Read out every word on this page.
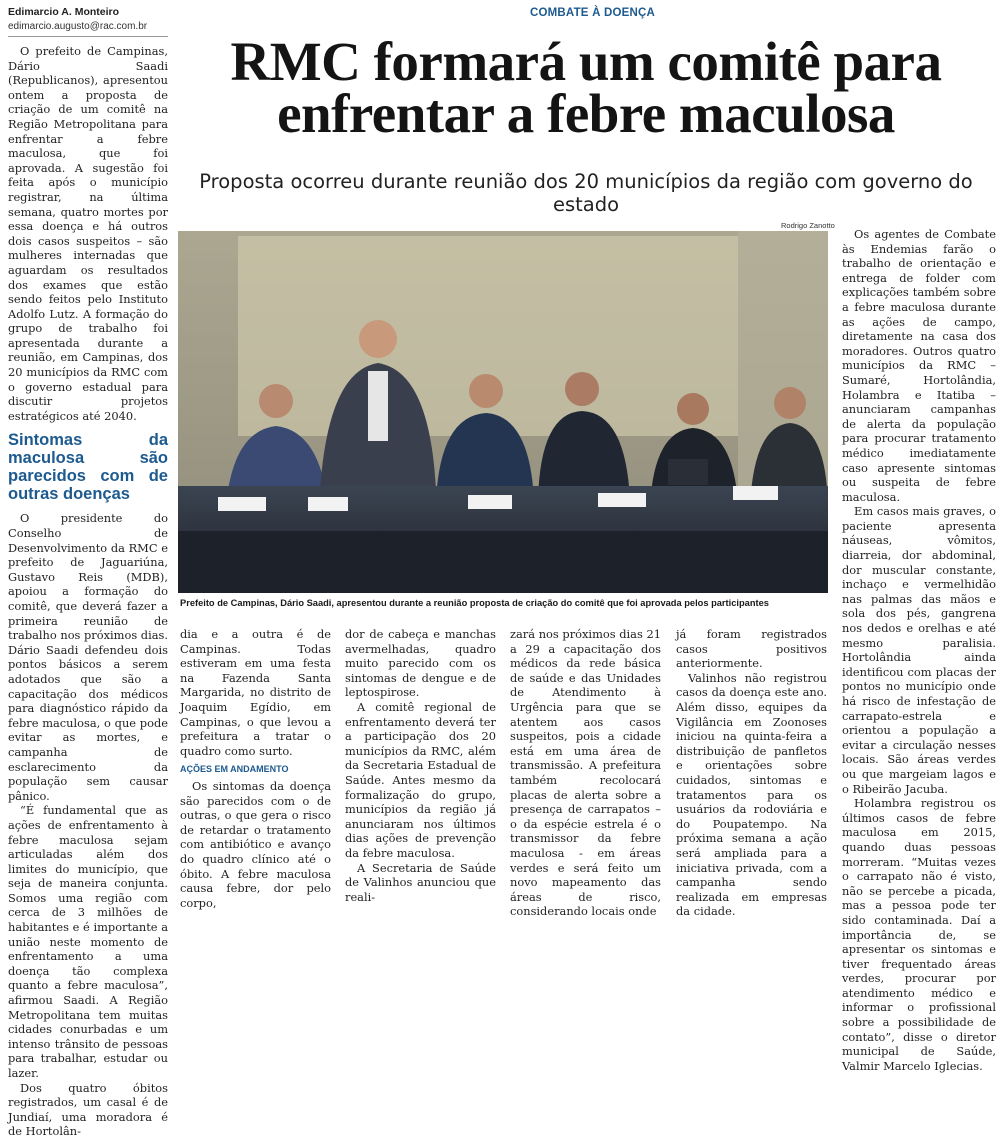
Edimarcio A. Monteiro
edimarcio.augusto@rac.com.br
COMBATE À DOENÇA
RMC formará um comitê para
enfrentar a febre maculosa
Proposta ocorreu durante reunião dos 20 municípios da região com governo do estado
Rodrigo Zanotto
Prefeito de Campinas, Dário Saadi, apresentou durante a reunião proposta de criação do comitê que foi aprovada pelos participantes

O prefeito de Campinas, Dário Saadi (Republicanos), apresentou ontem a proposta de criação de um comitê na Região Metropolitana para enfrentar a febre maculosa, que foi aprovada. A sugestão foi feita após o município registrar, na última semana, quatro mortes por essa doença e há outros dois casos suspeitos – são mulheres internadas que aguardam os resultados dos exames que estão sendo feitos pelo Instituto Adolfo Lutz. A formação do grupo de trabalho foi apresentada durante a reunião, em Campinas, dos 20 municípios da RMC com o governo estadual para discutir projetos estratégicos até 2040.

Sintomas da maculosa são parecidos com de outras doenças

O presidente do Conselho de Desenvolvimento da RMC e prefeito de Jaguariúna, Gustavo Reis (MDB), apoiou a formação do comitê, que deverá fazer a primeira reunião de trabalho nos próximos dias. Dário Saadi defendeu dois pontos básicos a serem adotados que são a capacitação dos médicos para diagnóstico rápido da febre maculosa, o que pode evitar as mortes, e campanha de esclarecimento da população sem causar pânico.

“É fundamental que as ações de enfrentamento à febre maculosa sejam articuladas além dos limites do município, que seja de maneira conjunta. Somos uma região com cerca de 3 milhões de habitantes e é importante a união neste momento de enfrentamento a uma doença tão complexa quanto a febre maculosa”, afirmou Saadi. A Região Metropolitana tem muitas cidades conurbadas e um intenso trânsito de pessoas para trabalhar, estudar ou lazer.

Dos quatro óbitos registrados, um casal é de Jundiaí, uma moradora é de Hortolân-

dia e a outra é de Campinas. Todas estiveram em uma festa na Fazenda Santa Margarida, no distrito de Joaquim Egídio, em Campinas, o que levou a prefeitura a tratar o quadro como surto.

AÇÕES EM ANDAMENTO

Os sintomas da doença são parecidos com o de outras, o que gera o risco de retardar o tratamento com antibiótico e avanço do quadro clínico até o óbito. A febre maculosa causa febre, dor pelo corpo,

dor de cabeça e manchas avermelhadas, quadro muito parecido com os sintomas de dengue e de leptospirose.

A comitê regional de enfrentamento deverá ter a participação dos 20 municípios da RMC, além da Secretaria Estadual de Saúde. Antes mesmo da formalização do grupo, municípios da região já anunciaram nos últimos dias ações de prevenção da febre maculosa.

A Secretaria de Saúde de Valinhos anunciou que reali-

zará nos próximos dias 21 a 29 a capacitação dos médicos da rede básica de saúde e das Unidades de Atendimento à Urgência para que se atentem aos casos suspeitos, pois a cidade está em uma área de transmissão. A prefeitura também recolocará placas de alerta sobre a presença de carrapatos – o da espécie estrela é o transmissor da febre maculosa - em áreas verdes e será feito um novo mapeamento das áreas de risco, considerando locais onde

já foram registrados casos positivos anteriormente.

Valinhos não registrou casos da doença este ano. Além disso, equipes da Vigilância em Zoonoses iniciou na quinta-feira a distribuição de panfletos e orientações sobre cuidados, sintomas e tratamentos para os usuários da rodoviária e do Poupatempo. Na próxima semana a ação será ampliada para a iniciativa privada, com a campanha sendo realizada em empresas da cidade.

Os agentes de Combate às Endemias farão o trabalho de orientação e entrega de folder com explicações também sobre a febre maculosa durante as ações de campo, diretamente na casa dos moradores. Outros quatro municípios da RMC – Sumaré, Hortolândia, Holambra e Itatiba – anunciaram campanhas de alerta da população para procurar tratamento médico imediatamente caso apresente sintomas ou suspeita de febre maculosa.

Em casos mais graves, o paciente apresenta náuseas, vômitos, diarreia, dor abdominal, dor muscular constante, inchaço e vermelhidão nas palmas das mãos e sola dos pés, gangrena nos dedos e orelhas e até mesmo paralisia. Hortolândia ainda identificou com placas der pontos no município onde há risco de infestação de carrapato-estrela e orientou a população a evitar a circulação nesses locais. São áreas verdes ou que margeiam lagos e o Ribeirão Jacuba.

Holambra registrou os últimos casos de febre maculosa em 2015, quando duas pessoas morreram. “Muitas vezes o carrapato não é visto, não se percebe a picada, mas a pessoa pode ter sido contaminada. Daí a importância de, se apresentar os sintomas e tiver frequentado áreas verdes, procurar por atendimento médico e informar o profissional sobre a possibilidade de contato”, disse o diretor municipal de Saúde, Valmir Marcelo Iglecias.
